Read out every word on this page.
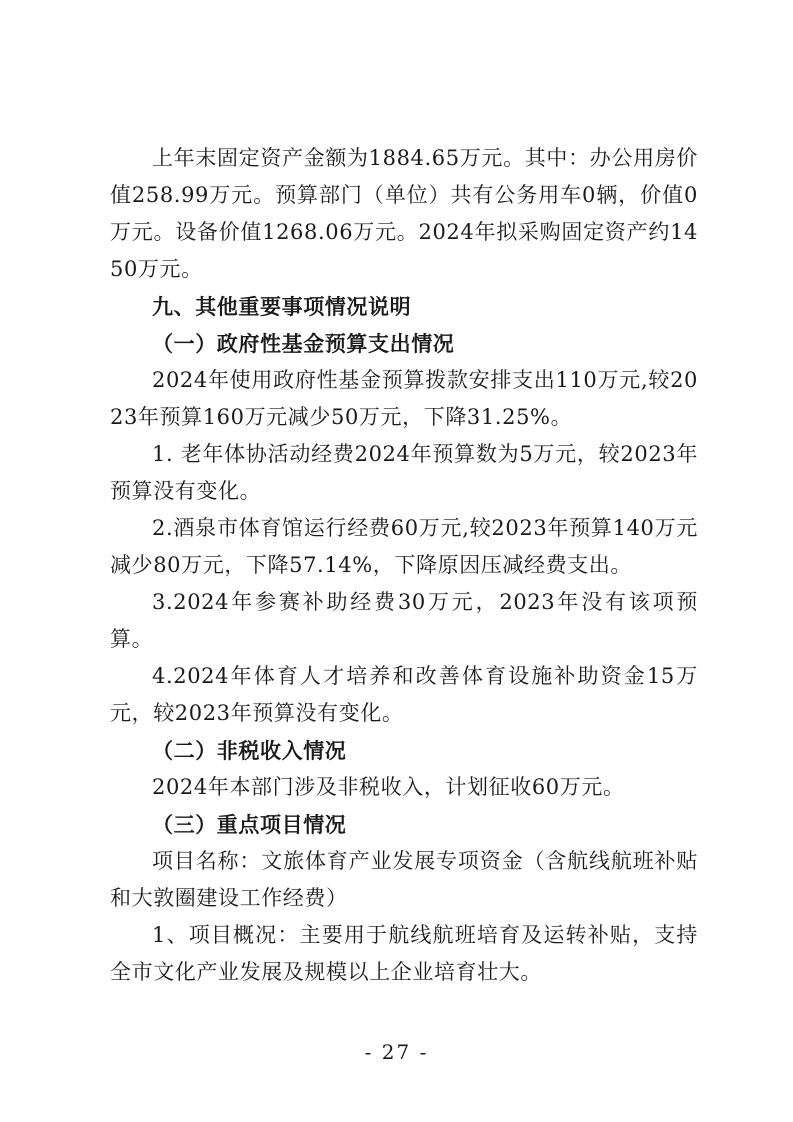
上年末固定资产金额为1884.65万元。其中：办公用房价值258.99万元。预算部门（单位）共有公务用车0辆，价值0万元。设备价值1268.06万元。2024年拟采购固定资产约1450万元。

九、其他重要事项情况说明

（一）政府性基金预算支出情况

2024年使用政府性基金预算拨款安排支出110万元,较2023年预算160万元减少50万元，下降31.25%。

1. 老年体协活动经费2024年预算数为5万元，较2023年预算没有变化。

2.酒泉市体育馆运行经费60万元,较2023年预算140万元减少80万元，下降57.14%，下降原因压减经费支出。

3.2024年参赛补助经费30万元，2023年没有该项预算。

4.2024年体育人才培养和改善体育设施补助资金15万元，较2023年预算没有变化。

（二）非税收入情况

2024年本部门涉及非税收入，计划征收60万元。

（三）重点项目情况

项目名称：文旅体育产业发展专项资金（含航线航班补贴和大敦圈建设工作经费）

1、项目概况：主要用于航线航班培育及运转补贴，支持全市文化产业发展及规模以上企业培育壮大。

- 27 -
